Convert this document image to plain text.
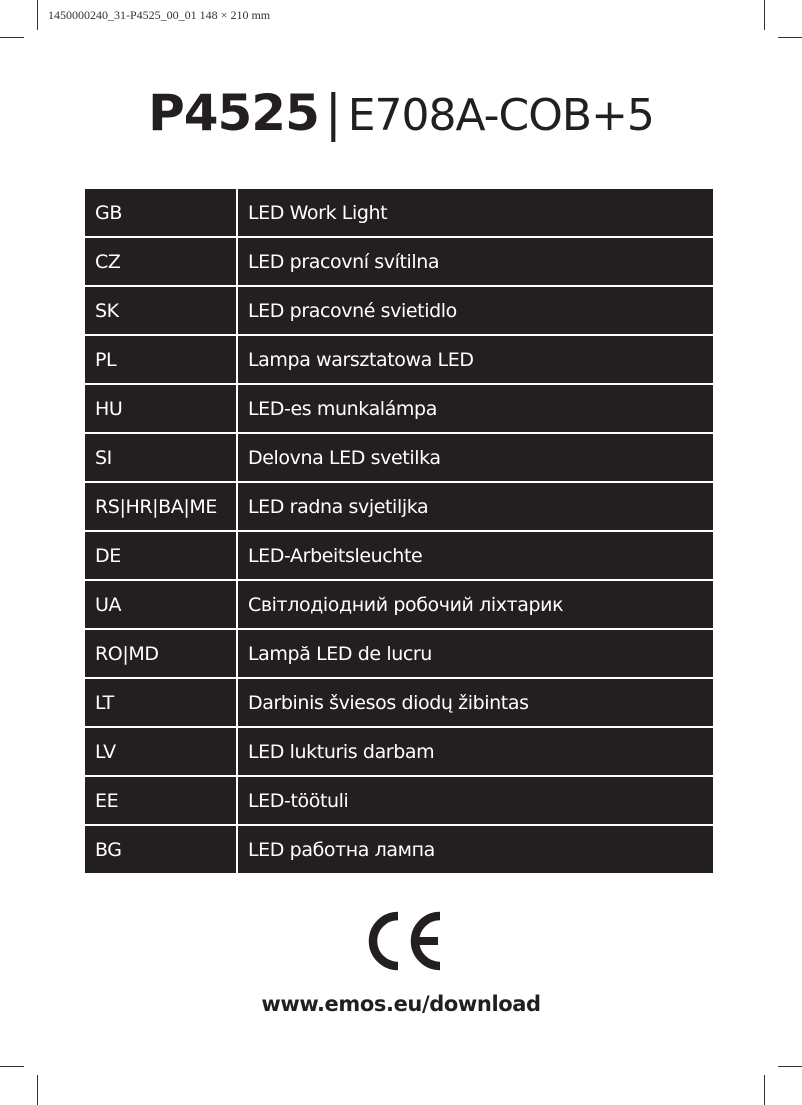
1450000240_31-P4525_00_01 148 × 210 mm
P4525 | E708A-COB+5
GB	LED Work Light
CZ	LED pracovní svítilna
SK	LED pracovné svietidlo
PL	Lampa warsztatowa LED
HU	LED-es munkalámpa
SI	Delovna LED svetilka
RS|HR|BA|ME	LED radna svjetiljka
DE	LED-Arbeitsleuchte
UA	Світлодіодний робочий ліхтарик
RO|MD	Lampă LED de lucru
LT	Darbinis šviesos diodų žibintas
LV	LED lukturis darbam
EE	LED-töötuli
BG	LED работна лампа
www.emos.eu/download
